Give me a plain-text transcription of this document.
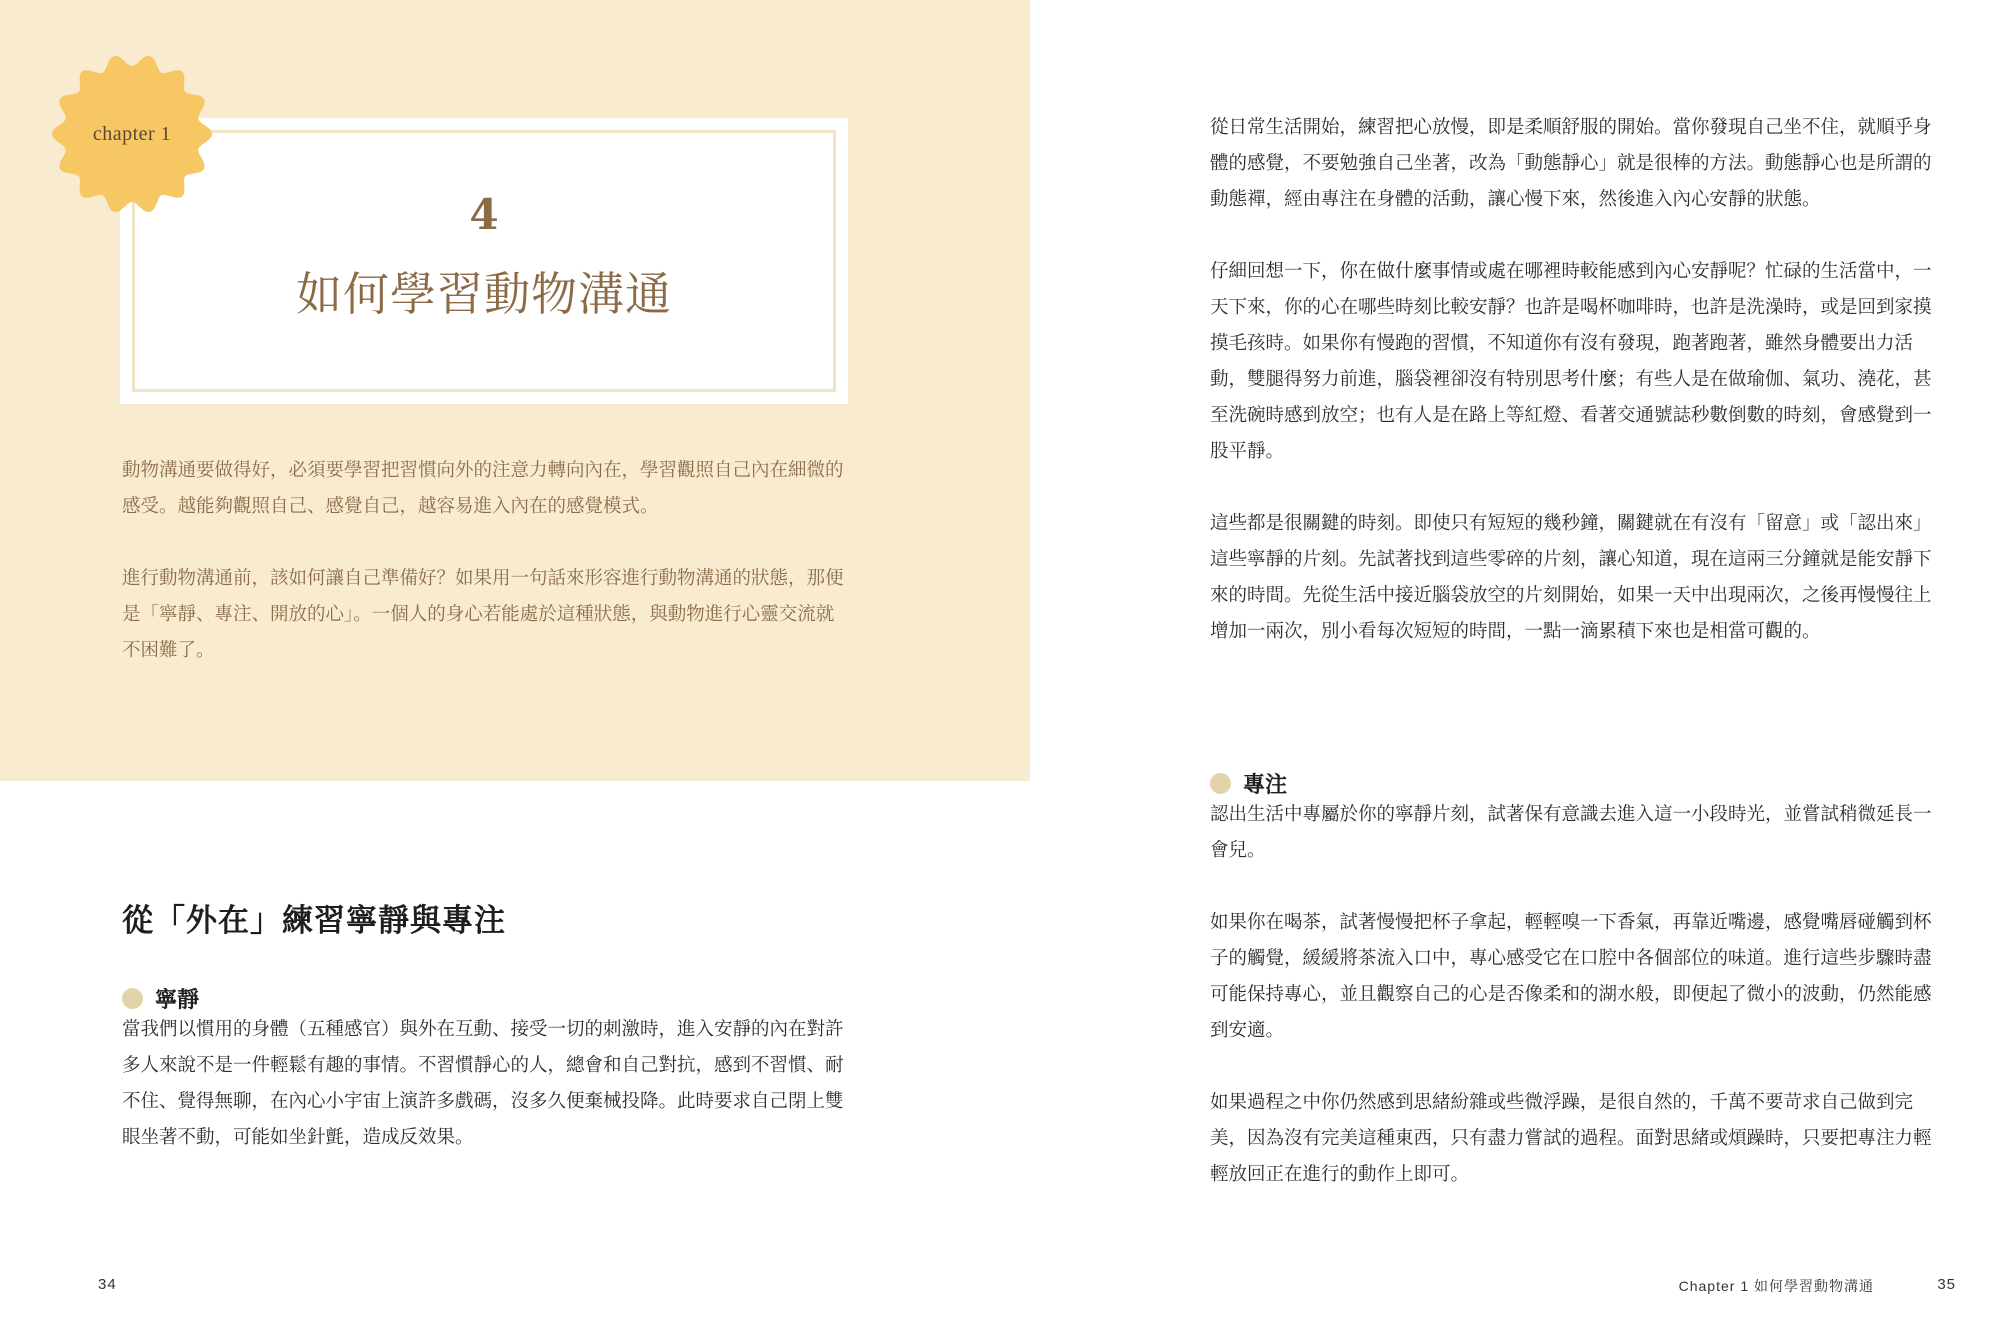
chapter 1
4
如何學習動物溝通

動物溝通要做得好，必須要學習把習慣向外的注意力轉向內在，學習觀照自己內在細微的感受。越能夠觀照自己、感覺自己，越容易進入內在的感覺模式。

進行動物溝通前，該如何讓自己準備好？如果用一句話來形容進行動物溝通的狀態，那便是「寧靜、專注、開放的心」。一個人的身心若能處於這種狀態，與動物進行心靈交流就不困難了。

從「外在」練習寧靜與專注
寧靜

當我們以慣用的身體（五種感官）與外在互動、接受一切的刺激時，進入安靜的內在對許多人來說不是一件輕鬆有趣的事情。不習慣靜心的人，總會和自己對抗，感到不習慣、耐不住、覺得無聊，在內心小宇宙上演許多戲碼，沒多久便棄械投降。此時要求自己閉上雙眼坐著不動，可能如坐針氈，造成反效果。

34

從日常生活開始，練習把心放慢，即是柔順舒服的開始。當你發現自己坐不住，就順乎身體的感覺，不要勉強自己坐著，改為「動態靜心」就是很棒的方法。動態靜心也是所謂的動態禪，經由專注在身體的活動，讓心慢下來，然後進入內心安靜的狀態。

仔細回想一下，你在做什麼事情或處在哪裡時較能感到內心安靜呢？忙碌的生活當中，一天下來，你的心在哪些時刻比較安靜？也許是喝杯咖啡時，也許是洗澡時，或是回到家摸摸毛孩時。如果你有慢跑的習慣，不知道你有沒有發現，跑著跑著，雖然身體要出力活動，雙腿得努力前進，腦袋裡卻沒有特別思考什麼；有些人是在做瑜伽、氣功、澆花，甚至洗碗時感到放空；也有人是在路上等紅燈、看著交通號誌秒數倒數的時刻，會感覺到一股平靜。

這些都是很關鍵的時刻。即使只有短短的幾秒鐘，關鍵就在有沒有「留意」或「認出來」這些寧靜的片刻。先試著找到這些零碎的片刻，讓心知道，現在這兩三分鐘就是能安靜下來的時間。先從生活中接近腦袋放空的片刻開始，如果一天中出現兩次，之後再慢慢往上增加一兩次，別小看每次短短的時間，一點一滴累積下來也是相當可觀的。

專注

認出生活中專屬於你的寧靜片刻，試著保有意識去進入這一小段時光，並嘗試稍微延長一會兒。

如果你在喝茶，試著慢慢把杯子拿起，輕輕嗅一下香氣，再靠近嘴邊，感覺嘴唇碰觸到杯子的觸覺，緩緩將茶流入口中，專心感受它在口腔中各個部位的味道。進行這些步驟時盡可能保持專心，並且觀察自己的心是否像柔和的湖水般，即便起了微小的波動，仍然能感到安適。

如果過程之中你仍然感到思緒紛雜或些微浮躁，是很自然的，千萬不要苛求自己做到完美，因為沒有完美這種東西，只有盡力嘗試的過程。面對思緒或煩躁時，只要把專注力輕輕放回正在進行的動作上即可。

Chapter 1 如何學習動物溝通	35
